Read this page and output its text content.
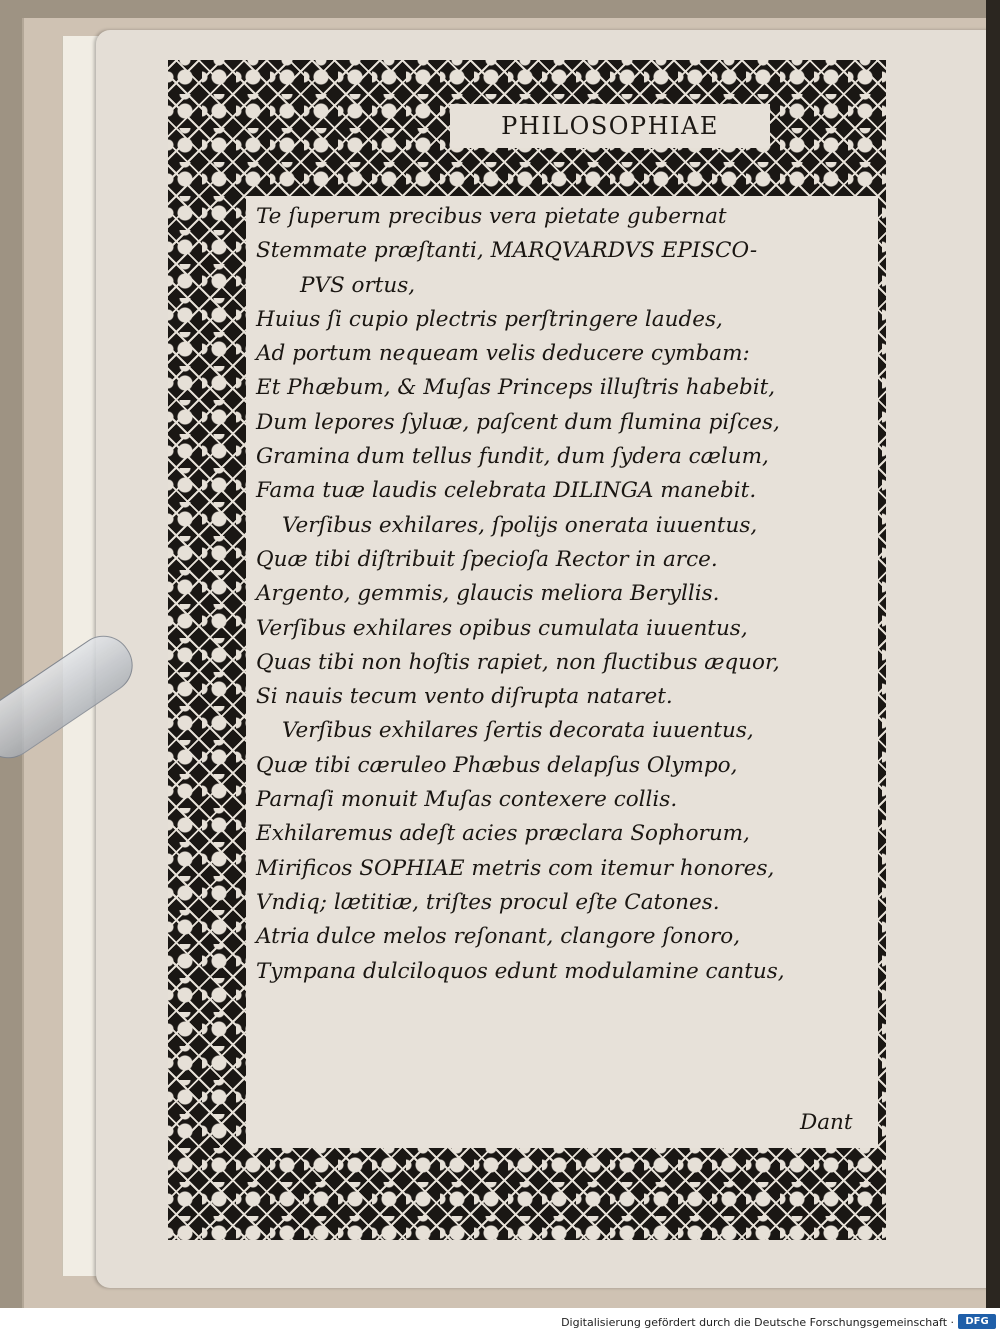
PHILOSOPHIAE
Te ſuperum precibus vera pietate gubernat
Stemmate præſtanti, MARQVARDVS EPISCO-
PVS ortus,
Huius ſi cupio plectris perſtringere laudes,
Ad portum nequeam velis deducere cymbam:
Et Phæbum, & Muſas Princeps illuſtris habebit,
Dum lepores ſyluæ, paſcent dum flumina piſces,
Gramina dum tellus fundit, dum ſydera cælum,
Fama tuæ laudis celebrata DILINGA manebit.
Verſibus exhilares, ſpolijs onerata iuuentus,
Quæ tibi diſtribuit ſpecioſa Rector in arce.
Argento, gemmis, glaucis meliora Beryllis.
Verſibus exhilares opibus cumulata iuuentus,
Quas tibi non hoſtis rapiet, non fluctibus æquor,
Si nauis tecum vento diſrupta nataret.
Verſibus exhilares ſertis decorata iuuentus,
Quæ tibi cæruleo Phæbus delapſus Olympo,
Parnaſi monuit Muſas contexere collis.
Exhilaremus adeſt acies præclara Sophorum,
Mirificos SOPHIAE metris com itemur honores,
Vndiq; lætitiæ, triſtes procul eſte Catones.
Atria dulce melos reſonant, clangore ſonoro,
Tympana dulciloquos edunt modulamine cantus,
Dant
Digitalisierung gefördert durch die Deutsche Forschungsgemeinschaft ·	DFG
